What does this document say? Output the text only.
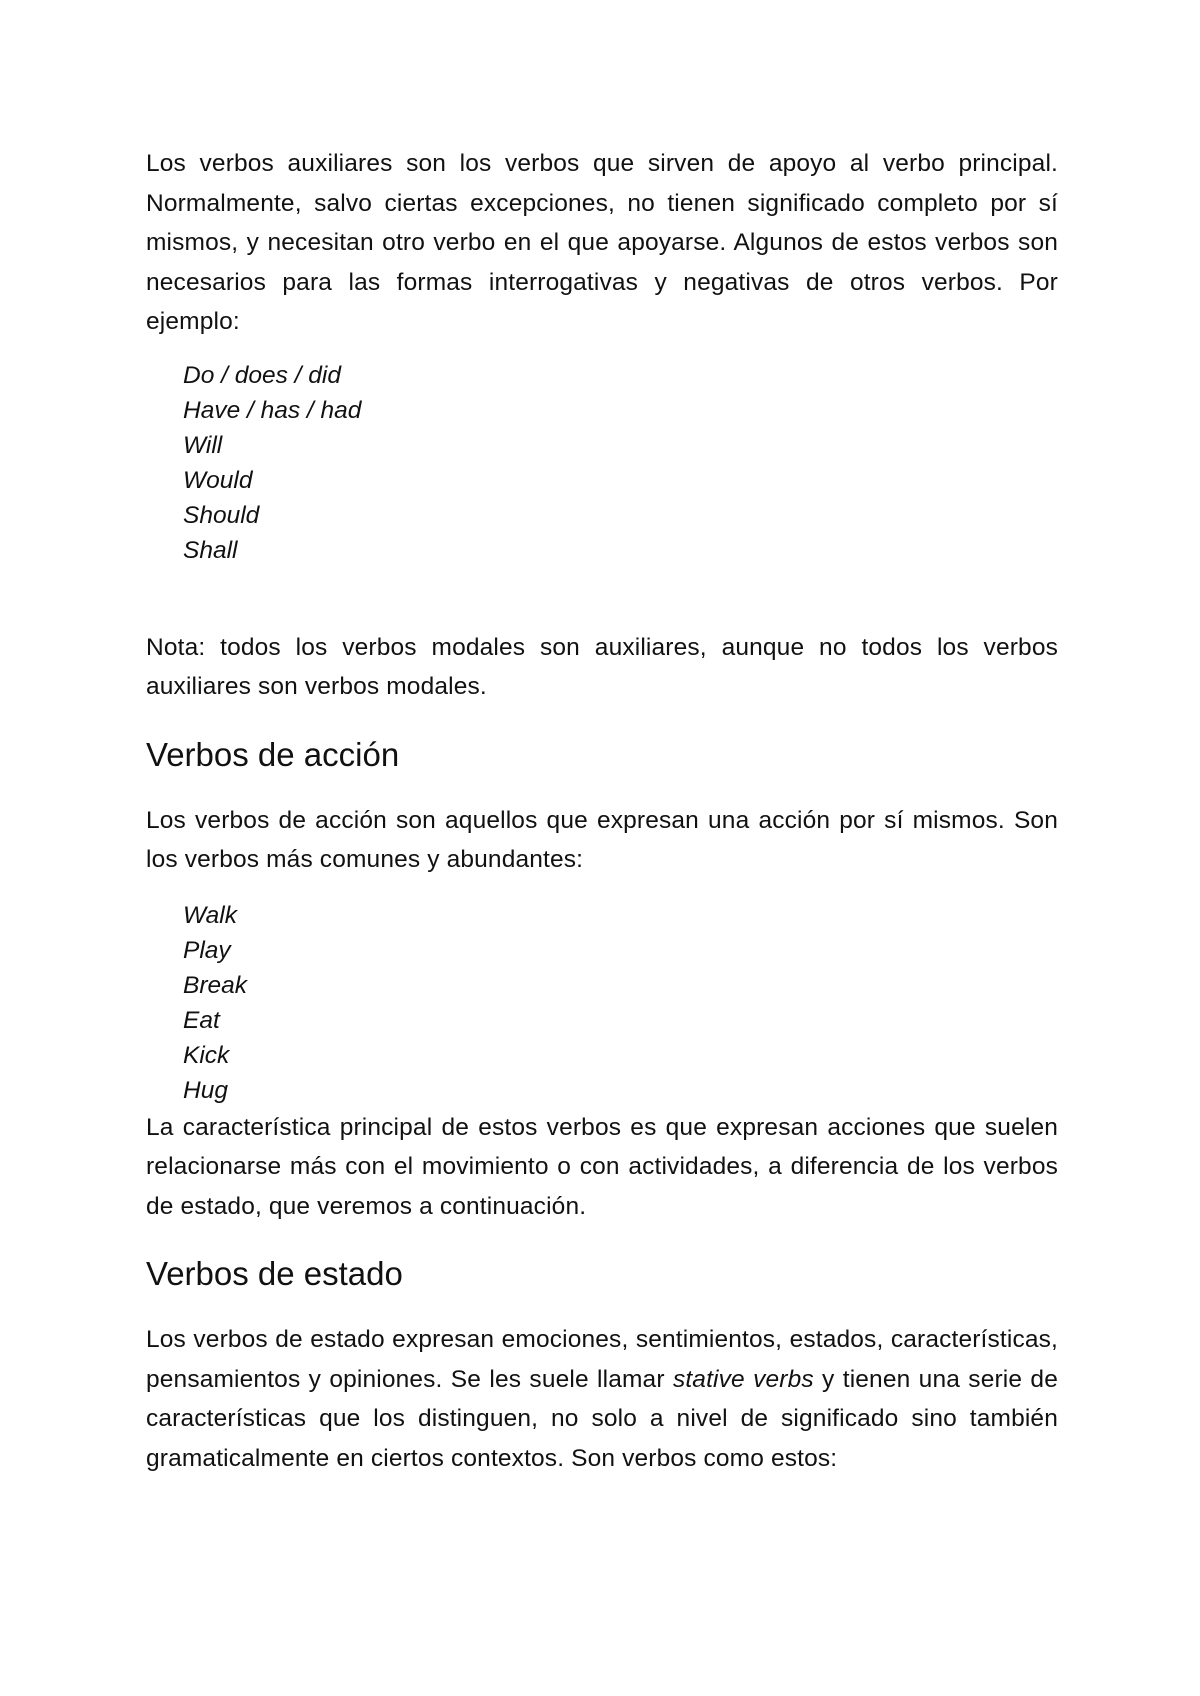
Los verbos auxiliares son los verbos que sirven de apoyo al verbo principal. Normalmente, salvo ciertas excepciones, no tienen significado completo por sí mismos, y necesitan otro verbo en el que apoyarse. Algunos de estos verbos son necesarios para las formas interrogativas y negativas de otros verbos. Por ejemplo:

Do / does / did
Have / has / had
Will
Would
Should
Shall

Nota: todos los verbos modales son auxiliares, aunque no todos los verbos auxiliares son verbos modales.

Verbos de acción

Los verbos de acción son aquellos que expresan una acción por sí mismos. Son los verbos más comunes y abundantes:

Walk
Play
Break
Eat
Kick
Hug

La característica principal de estos verbos es que expresan acciones que suelen relacionarse más con el movimiento o con actividades, a diferencia de los verbos de estado, que veremos a continuación.

Verbos de estado

Los verbos de estado expresan emociones, sentimientos, estados, características, pensamientos y opiniones. Se les suele llamar stative verbs y tienen una serie de características que los distinguen, no solo a nivel de significado sino también gramaticalmente en ciertos contextos. Son verbos como estos:
